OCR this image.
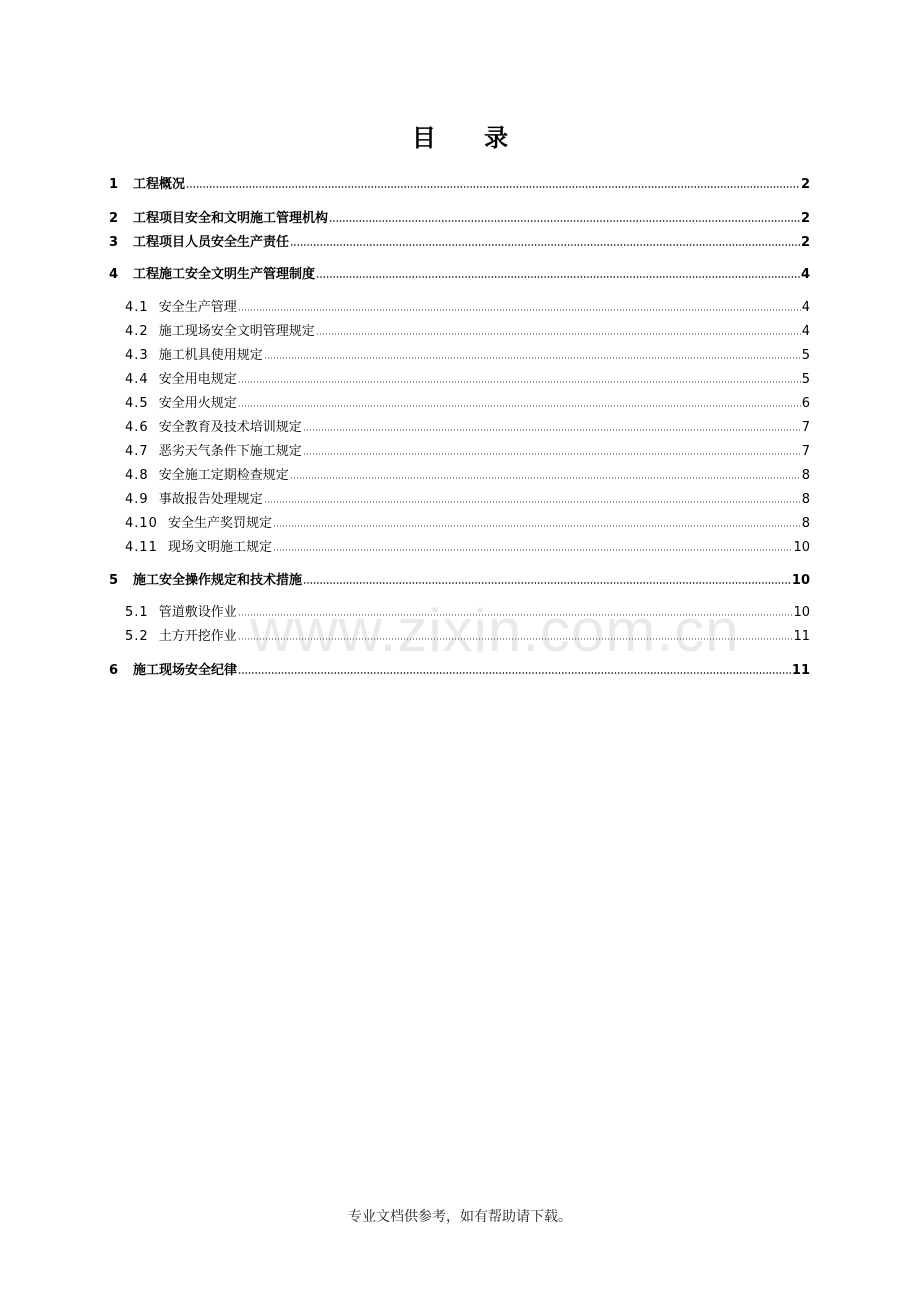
目 录
1	工程概况	2
2	工程项目安全和文明施工管理机构	2
3	工程项目人员安全生产责任	2
4	工程施工安全文明生产管理制度	4
4.1 安全生产管理	4
4.2 施工现场安全文明管理规定	4
4.3 施工机具使用规定	5
4.4 安全用电规定	5
4.5 安全用火规定	6
4.6 安全教育及技术培训规定	7
4.7 恶劣天气条件下施工规定	7
4.8 安全施工定期检查规定	8
4.9 事故报告处理规定	8
4.10 安全生产奖罚规定	8
4.11 现场文明施工规定	10
5	施工安全操作规定和技术措施	10
5.1 管道敷设作业	10
5.2 土方开挖作业	11
6	施工现场安全纪律	11
www.zixin.com.cn
专业文档供参考，如有帮助请下载。
